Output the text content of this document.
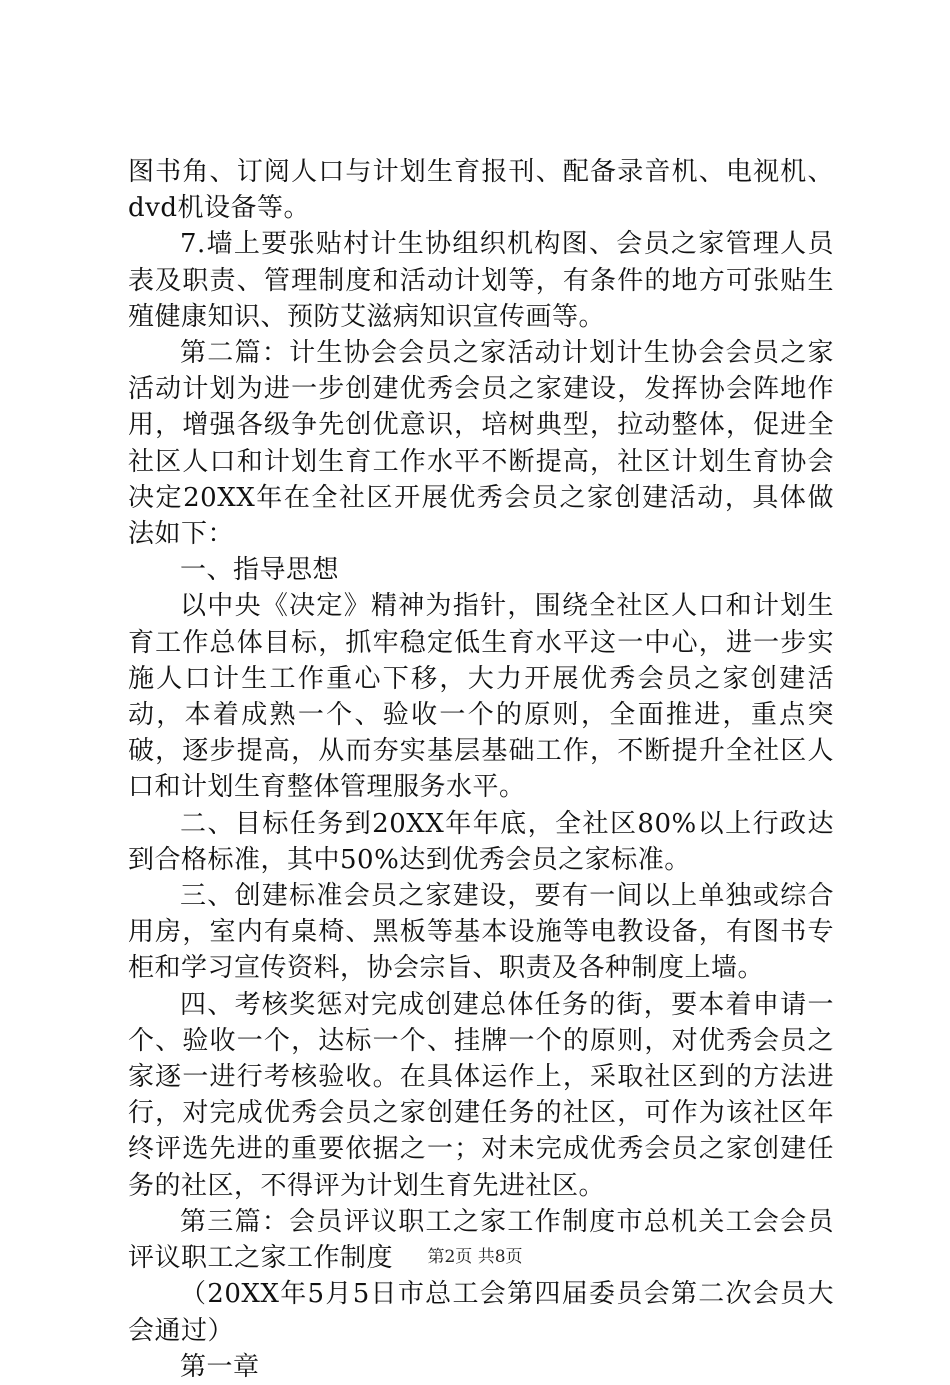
图书角、订阅人口与计划生育报刊、配备录音机、电视机、dvd机设备等。

7.墙上要张贴村计生协组织机构图、会员之家管理人员表及职责、管理制度和活动计划等，有条件的地方可张贴生殖健康知识、预防艾滋病知识宣传画等。

第二篇：计生协会会员之家活动计划计生协会会员之家活动计划为进一步创建优秀会员之家建设，发挥协会阵地作用，增强各级争先创优意识，培树典型，拉动整体，促进全社区人口和计划生育工作水平不断提高，社区计划生育协会决定20XX年在全社区开展优秀会员之家创建活动，具体做法如下：

一、指导思想

以中央《决定》精神为指针，围绕全社区人口和计划生育工作总体目标，抓牢稳定低生育水平这一中心，进一步实施人口计生工作重心下移，大力开展优秀会员之家创建活动，本着成熟一个、验收一个的原则，全面推进，重点突破，逐步提高，从而夯实基层基础工作，不断提升全社区人口和计划生育整体管理服务水平。

二、目标任务到20XX年年底，全社区80%以上行政达到合格标准，其中50%达到优秀会员之家标准。

三、创建标准会员之家建设，要有一间以上单独或综合用房，室内有桌椅、黑板等基本设施等电教设备，有图书专柜和学习宣传资料，协会宗旨、职责及各种制度上墙。

四、考核奖惩对完成创建总体任务的街，要本着申请一个、验收一个，达标一个、挂牌一个的原则，对优秀会员之家逐一进行考核验收。在具体运作上，采取社区到的方法进行，对完成优秀会员之家创建任务的社区，可作为该社区年终评选先进的重要依据之一；对未完成优秀会员之家创建任务的社区，不得评为计划生育先进社区。

第三篇：会员评议职工之家工作制度市总机关工会会员评议职工之家工作制度

（20XX年5月5日市总工会第四届委员会第二次会员大会通过）

第一章

第2页 共8页
